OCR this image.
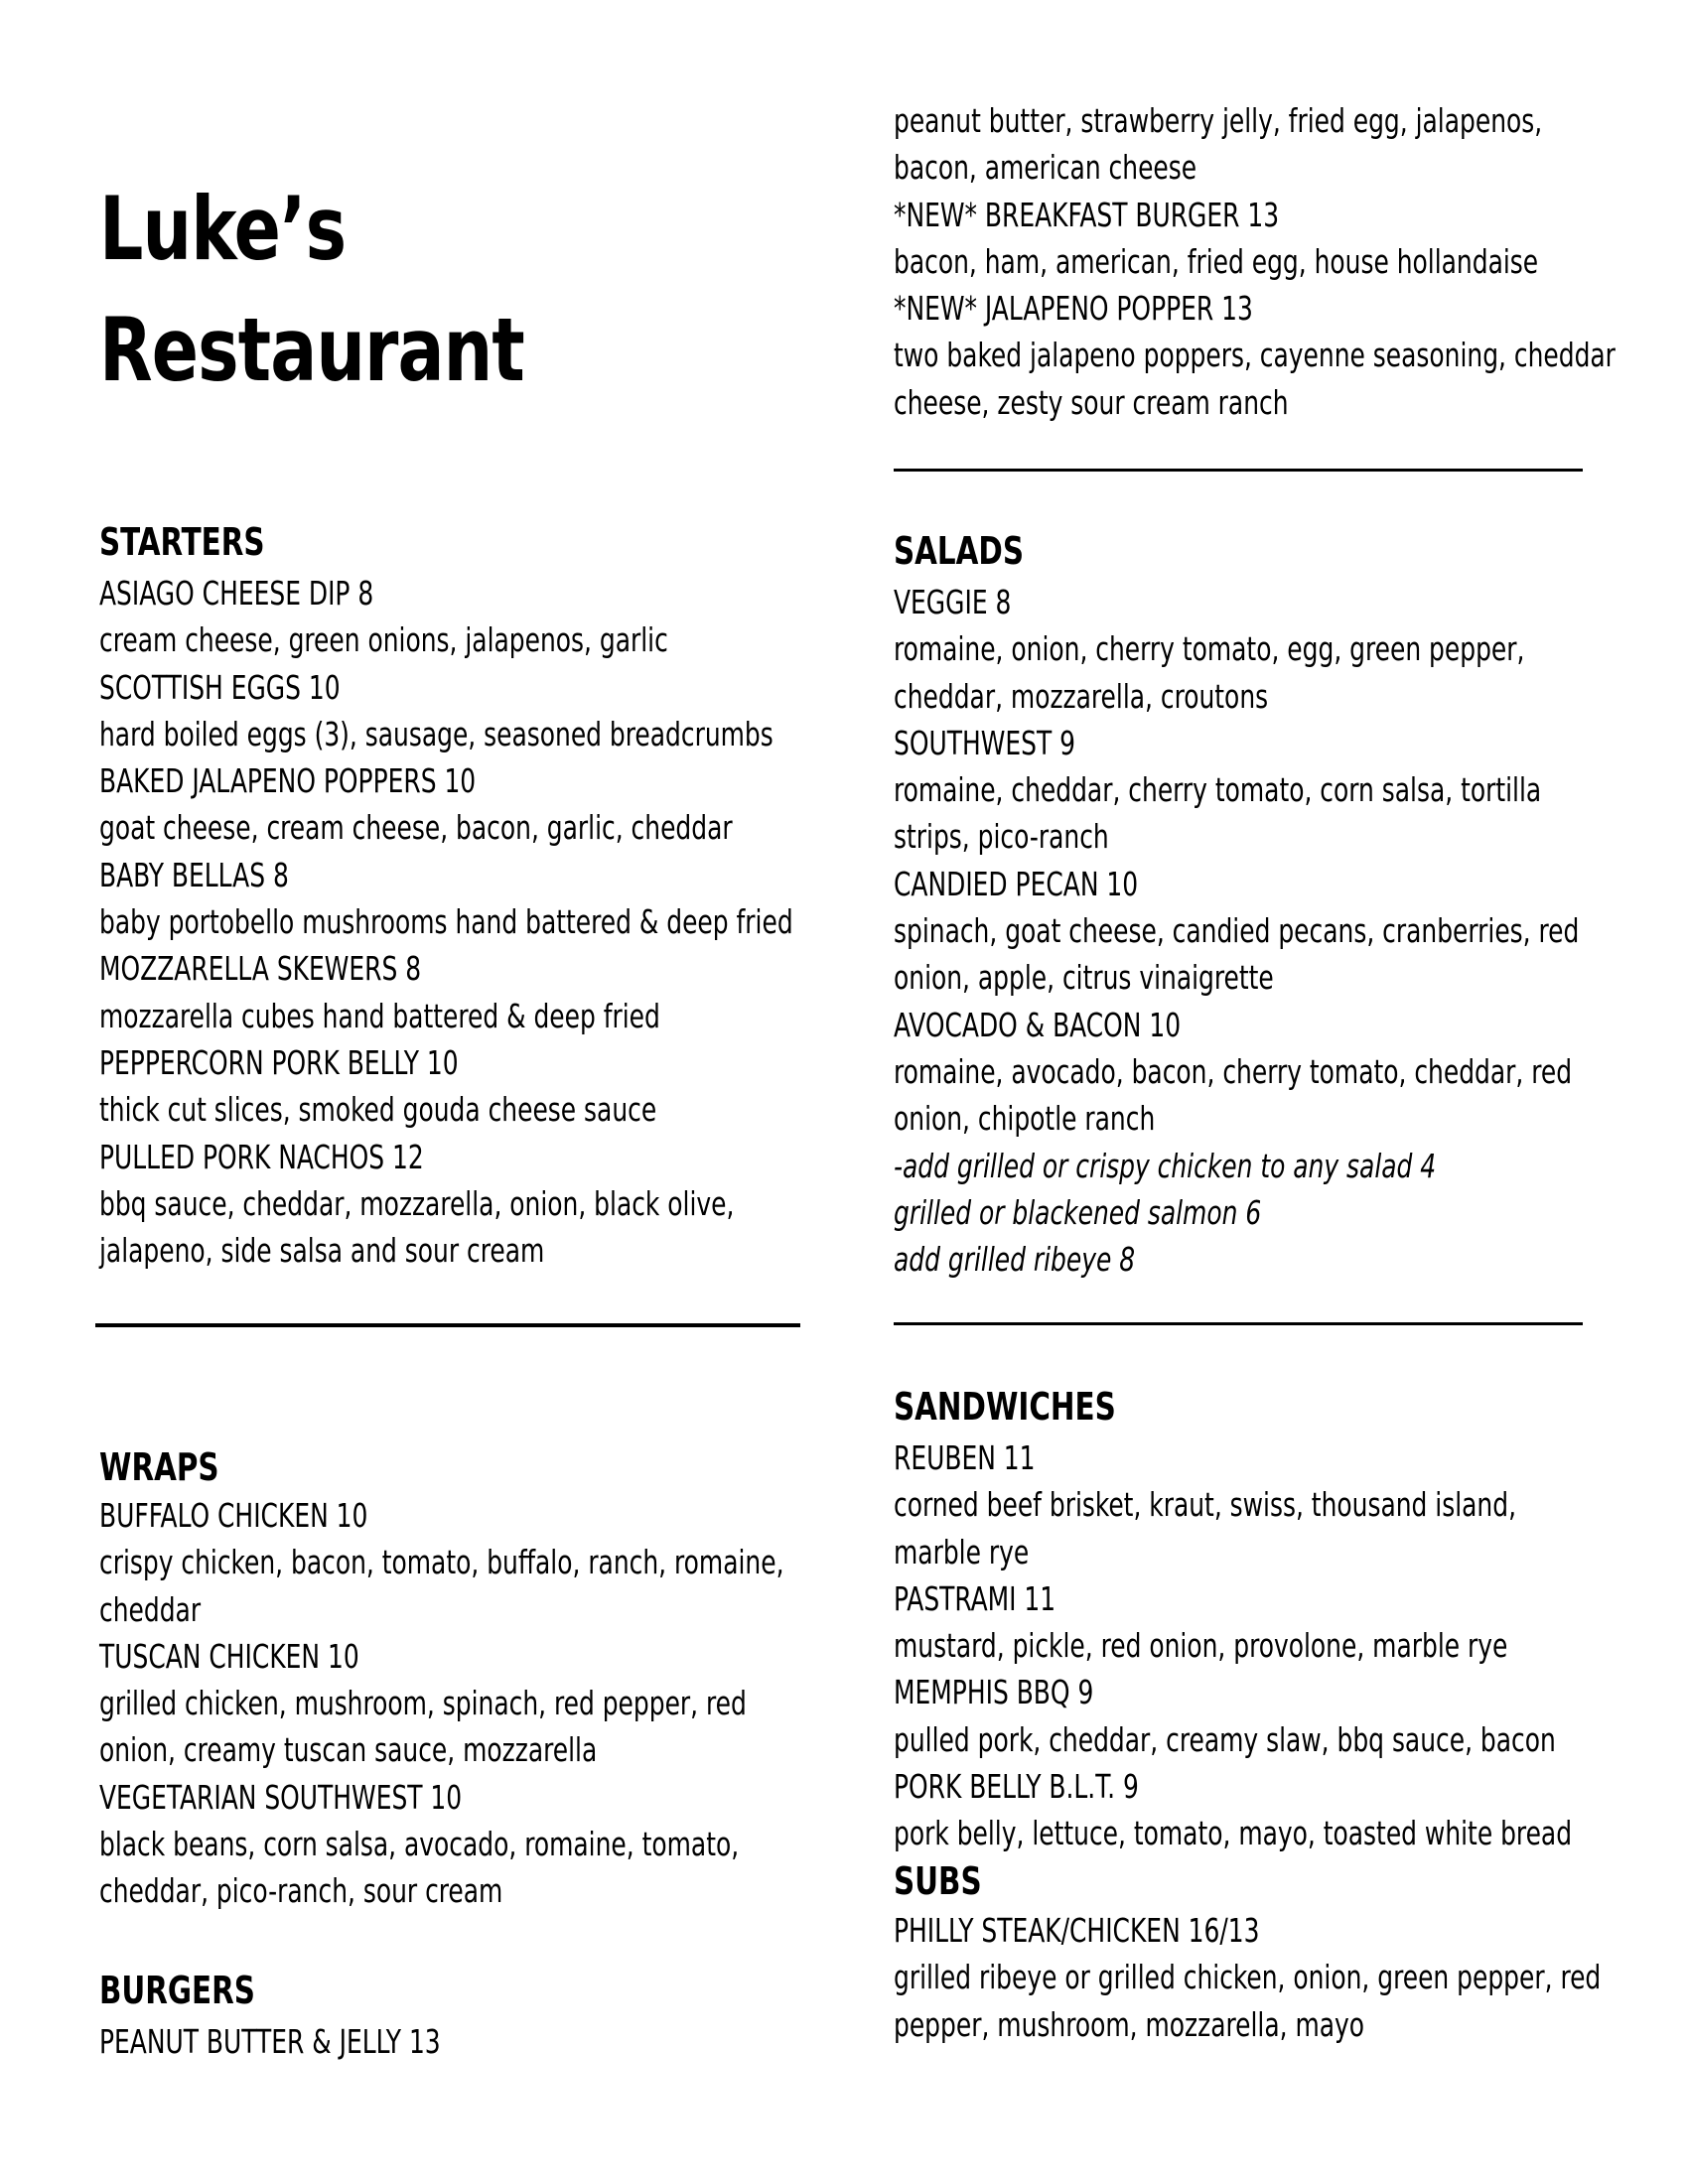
Luke’s
Restaurant
peanut butter, strawberry jelly, fried egg, jalapenos,
bacon, american cheese
*NEW* BREAKFAST BURGER 13
bacon, ham, american, fried egg, house hollandaise
*NEW* JALAPENO POPPER 13
two baked jalapeno poppers, cayenne seasoning, cheddar
cheese, zesty sour cream ranch
STARTERS
ASIAGO CHEESE DIP 8
cream cheese, green onions, jalapenos, garlic
SCOTTISH EGGS 10
hard boiled eggs (3), sausage, seasoned breadcrumbs
BAKED JALAPENO POPPERS 10
goat cheese, cream cheese, bacon, garlic, cheddar
BABY BELLAS 8
baby portobello mushrooms hand battered & deep fried
MOZZARELLA SKEWERS 8
mozzarella cubes hand battered & deep fried
PEPPERCORN PORK BELLY 10
thick cut slices, smoked gouda cheese sauce
PULLED PORK NACHOS 12
bbq sauce, cheddar, mozzarella, onion, black olive,
jalapeno, side salsa and sour cream
WRAPS
BUFFALO CHICKEN 10
crispy chicken, bacon, tomato, buffalo, ranch, romaine,
cheddar
TUSCAN CHICKEN 10
grilled chicken, mushroom, spinach, red pepper, red
onion, creamy tuscan sauce, mozzarella
VEGETARIAN SOUTHWEST 10
black beans, corn salsa, avocado, romaine, tomato,
cheddar, pico-ranch, sour cream
BURGERS
PEANUT BUTTER & JELLY 13
SALADS
VEGGIE 8
romaine, onion, cherry tomato, egg, green pepper,
cheddar, mozzarella, croutons
SOUTHWEST 9
romaine, cheddar, cherry tomato, corn salsa, tortilla
strips, pico-ranch
CANDIED PECAN 10
spinach, goat cheese, candied pecans, cranberries, red
onion, apple, citrus vinaigrette
AVOCADO & BACON 10
romaine, avocado, bacon, cherry tomato, cheddar, red
onion, chipotle ranch
-add grilled or crispy chicken to any salad 4
grilled or blackened salmon 6
add grilled ribeye 8
SANDWICHES
REUBEN 11
corned beef brisket, kraut, swiss, thousand island,
marble rye
PASTRAMI 11
mustard, pickle, red onion, provolone, marble rye
MEMPHIS BBQ 9
pulled pork, cheddar, creamy slaw, bbq sauce, bacon
PORK BELLY B.L.T. 9
pork belly, lettuce, tomato, mayo, toasted white bread
SUBS
PHILLY STEAK/CHICKEN 16/13
grilled ribeye or grilled chicken, onion, green pepper, red
pepper, mushroom, mozzarella, mayo
